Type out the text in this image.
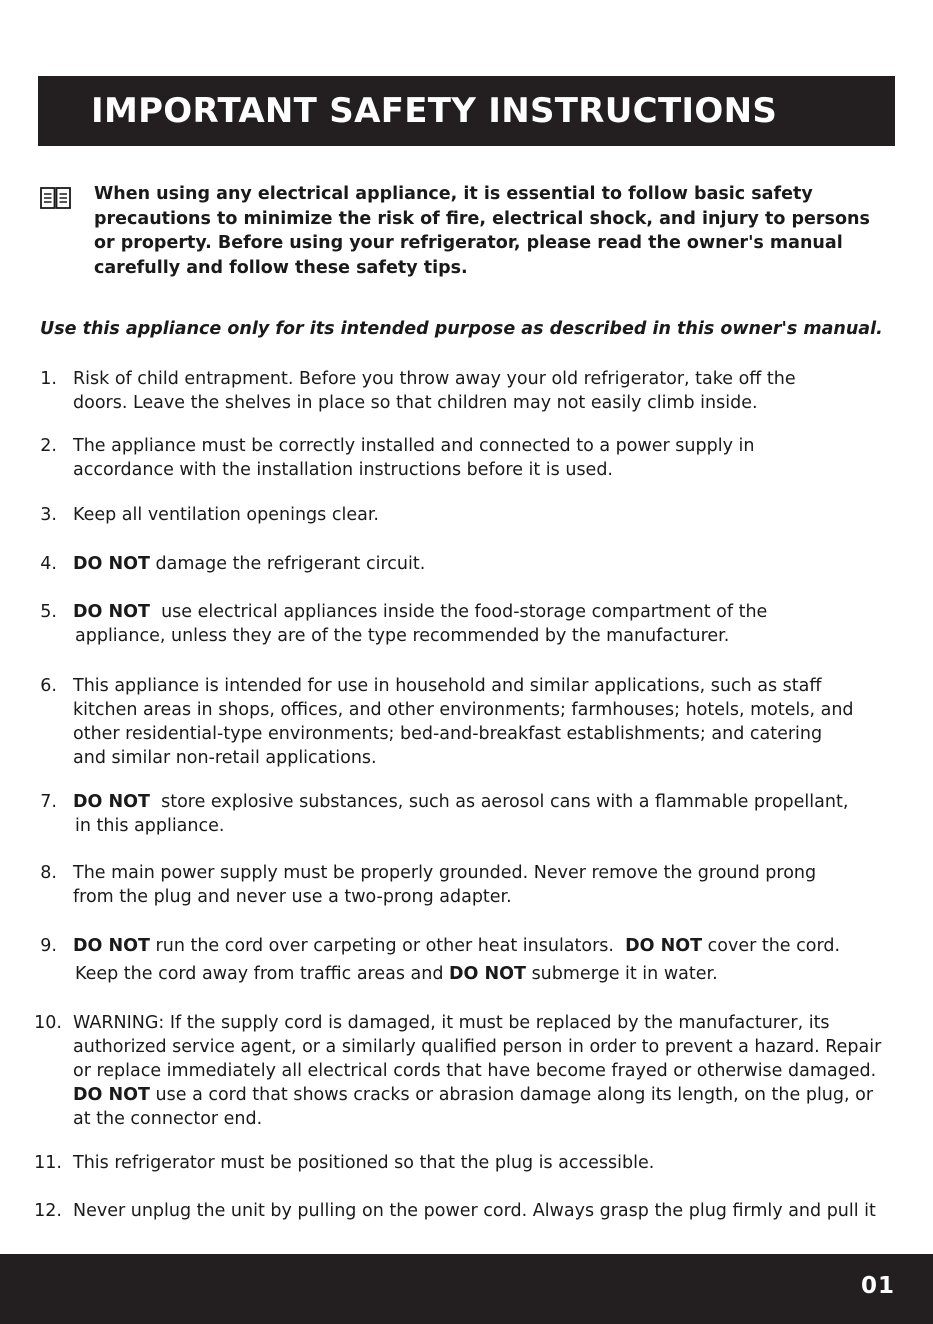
IMPORTANT SAFETY INSTRUCTIONS

When using any electrical appliance, it is essential to follow basic safety precautions to minimize the risk of fire, electrical shock, and injury to persons or property. Before using your refrigerator, please read the owner's manual carefully and follow these safety tips.

Use this appliance only for its intended purpose as described in this owner's manual.

1. Risk of child entrapment. Before you throw away your old refrigerator, take off the
doors. Leave the shelves in place so that children may not easily climb inside.

2. The appliance must be correctly installed and connected to a power supply in
accordance with the installation instructions before it is used.

3. Keep all ventilation openings clear.

4. DO NOT damage the refrigerant circuit.

5. DO NOT  use electrical appliances inside the food-storage compartment of the
appliance, unless they are of the type recommended by the manufacturer.

6. This appliance is intended for use in household and similar applications, such as staff
kitchen areas in shops, offices, and other environments; farmhouses; hotels, motels, and
other residential-type environments; bed-and-breakfast establishments; and catering
and similar non-retail applications.

7. DO NOT  store explosive substances, such as aerosol cans with a flammable propellant,
in this appliance.

8. The main power supply must be properly grounded. Never remove the ground prong
from the plug and never use a two-prong adapter.

9. DO NOT run the cord over carpeting or other heat insulators.  DO NOT cover the cord.
Keep the cord away from traffic areas and DO NOT submerge it in water.

10. WARNING: If the supply cord is damaged, it must be replaced by the manufacturer, its
authorized service agent, or a similarly qualified person in order to prevent a hazard. Repair
or replace immediately all electrical cords that have become frayed or otherwise damaged.
DO NOT use a cord that shows cracks or abrasion damage along its length, on the plug, or
at the connector end.

11. This refrigerator must be positioned so that the plug is accessible.

12. Never unplug the unit by pulling on the power cord. Always grasp the plug firmly and pull it

01
